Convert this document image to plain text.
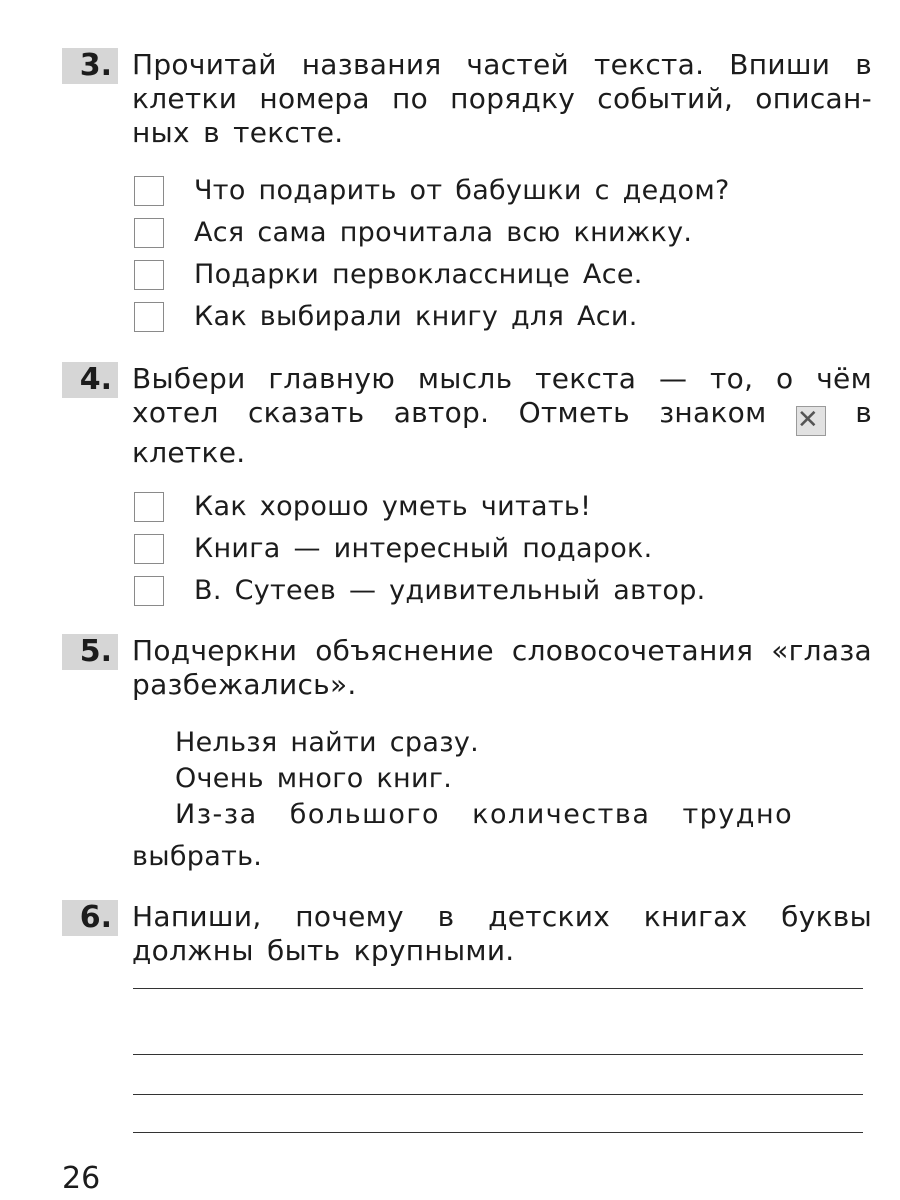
3. Прочитай названия частей текста. Впиши в
клетки номера по порядку событий, описан-
ных в тексте.
Что подарить от бабушки с дедом?
Ася сама прочитала всю книжку.
Подарки первокласснице Асе.
Как выбирали книгу для Аси.
4. Выбери главную мысль текста — то, о чём
хотел сказать автор. Отметь знаком ✕ в
клетке.
Как хорошо уметь читать!
Книга — интересный подарок.
В. Сутеев — удивительный автор.
5. Подчеркни объяснение словосочетания «глаза
разбежались».
Нельзя найти сразу.
Очень много книг.
Из-за большого количества трудно
выбрать.
6. Напиши, почему в детских книгах буквы
должны быть крупными.
26
